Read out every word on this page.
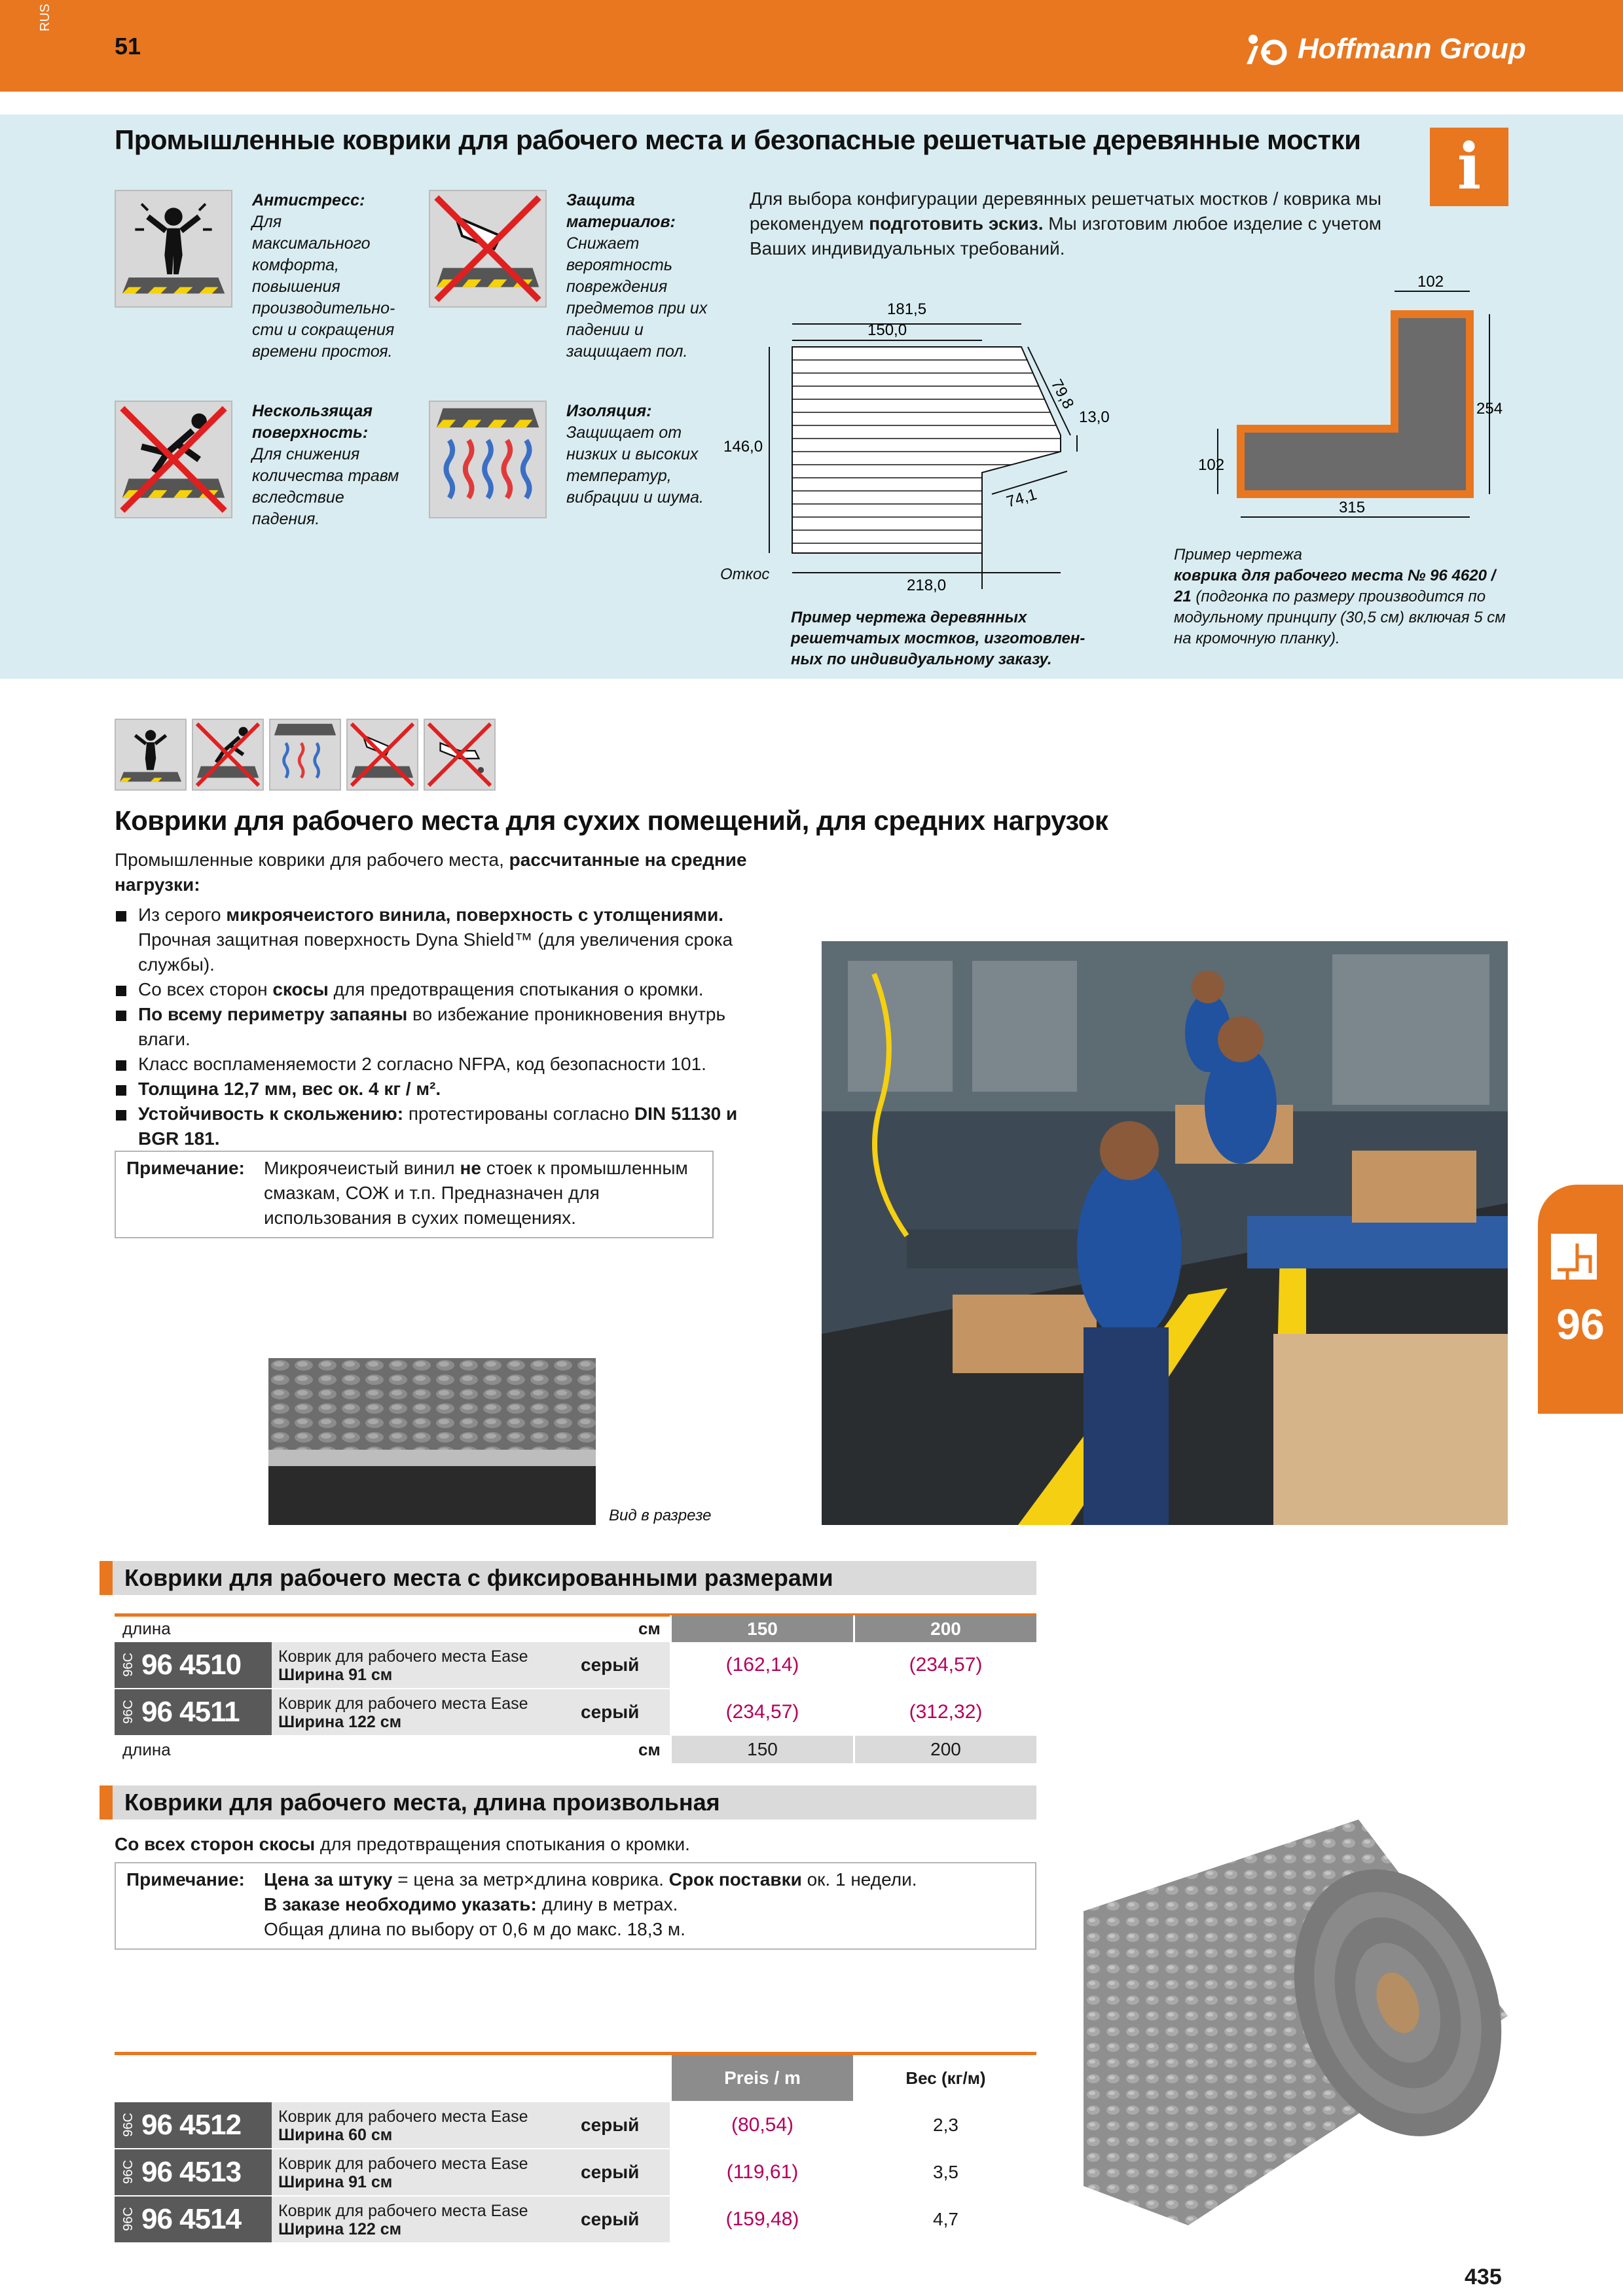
RUS
51	Hoffmann Group
Промышленные коврики для рабочего места и безопасные решетчатые деревянные мостки	i
Антистресс:
Для максимального комфорта, повышения производительно-сти и сокращения времени простоя.
Защита материалов:
Снижает вероятность повреждения предметов при их падении и защищает пол.
Нескользящая поверхность:
Для снижения количества травм вследствие падения.
Изоляция:
Защищает от низких и высоких температур, вибрации и шума.
Для выбора конфигурации деревянных решетчатых мостков / коврика мы рекомендуем подготовить эскиз. Мы изготовим любое изделие с учетом Ваших индивидуальных требований.
181,5
150,0
79,8
13,0
146,0
74,1
218,0
Откос
Пример чертежа деревянных решетчатых мостков, изготовлен-ных по индивидуальному заказу.
102
254
102
315
Пример чертежа
коврика для рабочего места № 96 4620 / 21 (подгонка по размеру производится по модульному принципу (30,5 см) включая 5 см на кромочную планку).
Коврики для рабочего места для сухих помещений, для средних нагрузок
Промышленные коврики для рабочего места, рассчитанные на средние нагрузки:
Из серого микроячеистого винила, поверхность с утолщениями. Прочная защитная поверхность Dyna Shield™ (для увеличения срока службы).
Со всех сторон скосы для предотвращения спотыкания о кромки.
По всему периметру запаяны во избежание проникновения внутрь влаги.
Класс воспламеняемости 2 согласно NFPA, код безопасности 101.
Толщина 12,7 мм, вес ок. 4 кг / м².
Устойчивость к скольжению: протестированы согласно DIN 51130 и BGR 181.
Примечание:	Микроячеистый винил не стоек к промышленным смазкам, СОЖ и т.п. Предназначен для использования в сухих помещениях.
Вид в разрезе
96
Коврики для рабочего места с фиксированными размерами
длина	см	150	200
96C 96 4510 Коврик для рабочего места Ease
Ширина 91 см	серый	(162,14)	(234,57)
96C 96 4511 Коврик для рабочего места Ease
Ширина 122 см	серый	(234,57)	(312,32)
длина	см	150	200
Коврики для рабочего места, длина произвольная
Со всех сторон скосы для предотвращения спотыкания о кромки.
Примечание:	Цена за штуку = цена за метр×длина коврика. Срок поставки ок. 1 недели.
В заказе необходимо указать: длину в метрах.
Общая длина по выбору от 0,6 м до макс. 18,3 м.
Preis / m	Вес (кг/м)
96C 96 4512 Коврик для рабочего места Ease
Ширина 60 см	серый	(80,54)	2,3
96C 96 4513 Коврик для рабочего места Ease
Ширина 91 см	серый	(119,61)	3,5
96C 96 4514 Коврик для рабочего места Ease
Ширина 122 см	серый	(159,48)	4,7
435
